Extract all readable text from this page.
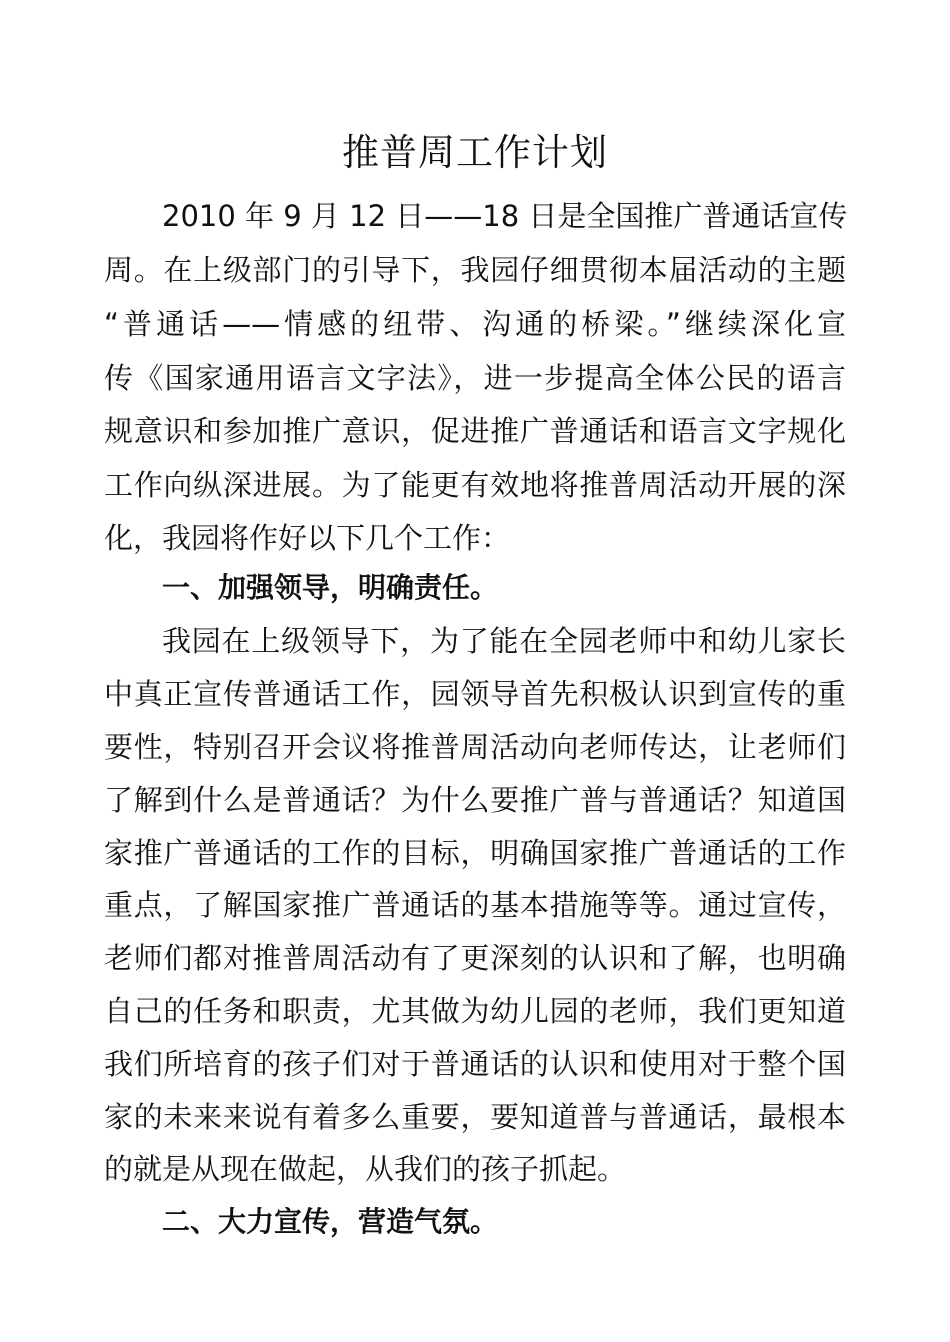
推普周工作计划
2010 年 9 月 12 日——18 日是全国推广普通话宣传
周。在上级部门的引导下，我园仔细贯彻本届活动的主题
“普通话——情感的纽带、沟通的桥梁。”继续深化宣
传《国家通用语言文字法》，进一步提高全体公民的语言
规意识和参加推广意识，促进推广普通话和语言文字规化
工作向纵深进展。为了能更有效地将推普周活动开展的深
化，我园将作好以下几个工作：
一、加强领导，明确责任。
我园在上级领导下，为了能在全园老师中和幼儿家长
中真正宣传普通话工作，园领导首先积极认识到宣传的重
要性，特别召开会议将推普周活动向老师传达，让老师们
了解到什么是普通话？为什么要推广普与普通话？知道国
家推广普通话的工作的目标，明确国家推广普通话的工作
重点，了解国家推广普通话的基本措施等等。通过宣传，
老师们都对推普周活动有了更深刻的认识和了解，也明确
自己的任务和职责，尤其做为幼儿园的老师，我们更知道
我们所培育的孩子们对于普通话的认识和使用对于整个国
家的未来来说有着多么重要，要知道普与普通话，最根本
的就是从现在做起，从我们的孩子抓起。
二、大力宣传，营造气氛。
